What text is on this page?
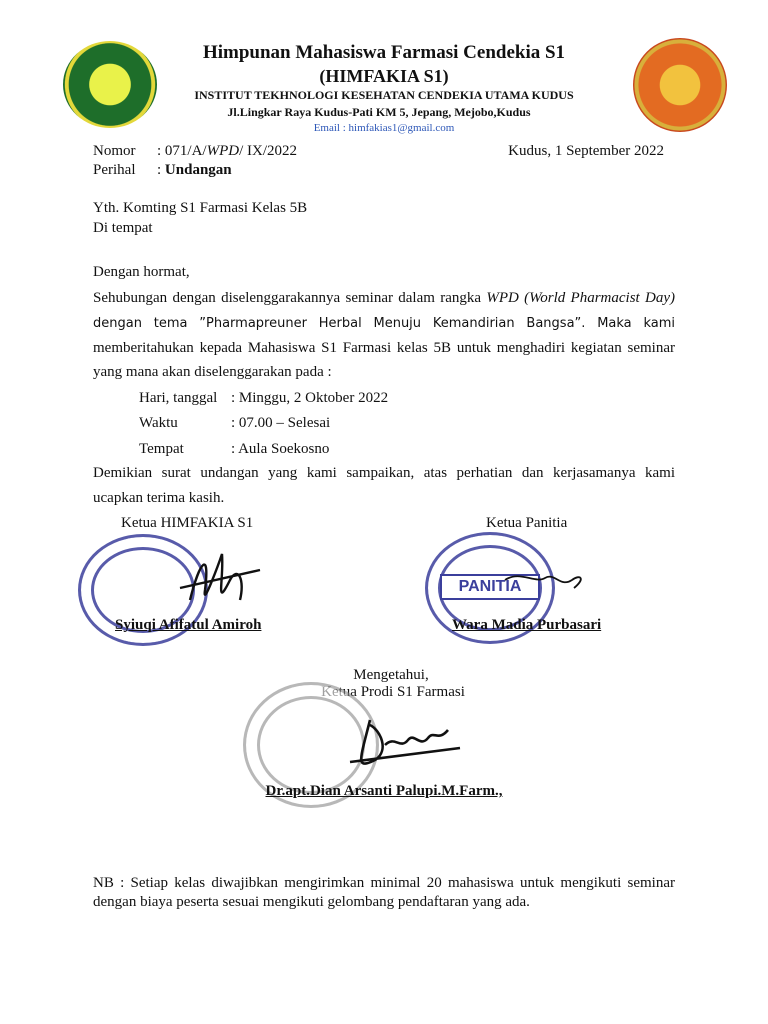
Himpunan Mahasiswa Farmasi Cendekia S1
(HIMFAKIA S1)
INSTITUT TEKHNOLOGI KESEHATAN CENDEKIA UTAMA KUDUS
Jl.Lingkar Raya Kudus-Pati KM 5, Jepang, Mejobo,Kudus
Email : himfakias1@gmail.com
Nomor : 071/A/WPD/ IX/2022	Kudus, 1 September 2022
Perihal : Undangan
Yth. Komting S1 Farmasi Kelas 5B
Di tempat
Dengan hormat,
Sehubungan dengan diselenggarakannya seminar dalam rangka WPD (World Pharmacist Day)
dengan tema ”Pharmapreuner Herbal Menuju Kemandirian Bangsa”. Maka kami
memberitahukan kepada Mahasiswa S1 Farmasi kelas 5B untuk menghadiri kegiatan seminar
yang mana akan diselenggarakan pada :
Hari, tanggal : Minggu, 2 Oktober 2022
Waktu	: 07.00 – Selesai
Tempat	: Aula Soekosno
Demikian surat undangan yang kami sampaikan, atas perhatian dan kerjasamanya kami
ucapkan terima kasih.
Ketua HIMFAKIA S1	Ketua Panitia
PANITIA
Syiuqi Afifatul Amiroh	Wara Madia Purbasari
Mengetahui,
Ketua Prodi S1 Farmasi
Dr.apt.Dian Arsanti Palupi.M.Farm.,
NB : Setiap kelas diwajibkan mengirimkan minimal 20 mahasiswa untuk mengikuti seminar
dengan biaya peserta sesuai mengikuti gelombang pendaftaran yang ada.
